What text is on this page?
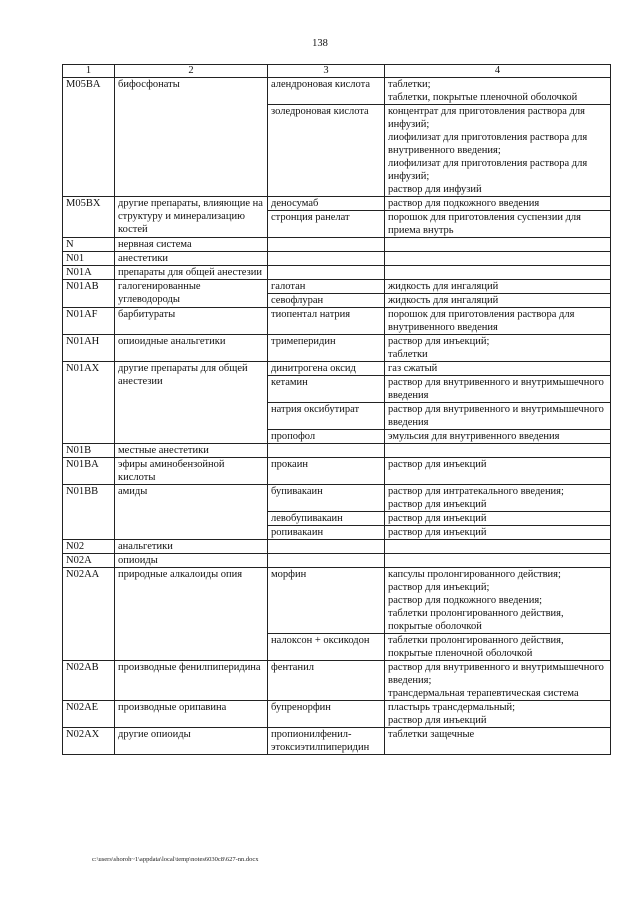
138
1	2	3	4
M05BA	бифосфонаты	алендроновая кислота	таблетки;
таблетки, покрытые пленочной оболочкой

		золедроновая кислота	концентрат для приготовления раствора для инфузий;
лиофилизат для приготовления раствора для внутривенного введения;
лиофилизат для приготовления раствора для инфузий;
раствор для инфузий

M05BX	другие препараты, влияющие на структуру и минерализацию костей	деносумаб	раствор для подкожного введения

		стронция ранелат	порошок для приготовления суспензии для приема внутрь

N	нервная система		
N01	анестетики		
N01A	препараты для общей анестезии		
N01AB	галогенированные углеводороды	галотан	жидкость для ингаляций

		севофлуран	жидкость для ингаляций

N01AF	барбитураты	тиопентал натрия	порошок для приготовления раствора для внутривенного введения

N01AH	опиоидные анальгетики	тримеперидин	раствор для инъекций;
таблетки

N01AX	другие препараты для общей анестезии	динитрогена оксид	газ сжатый

		кетамин	раствор для внутривенного и внутримышечного введения

		натрия оксибутират	раствор для внутривенного и внутримышечного введения

		пропофол	эмульсия для внутривенного введения

N01B	местные анестетики		
N01BA	эфиры аминобензойной кислоты	прокаин	раствор для инъекций

N01BB	амиды	бупивакаин	раствор для интратекального введения;
раствор для инъекций

		левобупивакаин	раствор для инъекций

		ропивакаин	раствор для инъекций

N02	анальгетики		
N02A	опиоиды		
N02AA	природные алкалоиды опия	морфин	капсулы пролонгированного действия;
раствор для инъекций;
раствор для подкожного введения;
таблетки пролонгированного действия, покрытые оболочкой

		налоксон + оксикодон	таблетки пролонгированного действия, покрытые пленочной оболочкой

N02AB	производные фенилпиперидина	фентанил	раствор для внутривенного и внутримышечного введения;
трансдермальная терапевтическая система

N02AE	производные орипавина	бупренорфин	пластырь трансдермальный;
раствор для инъекций

N02AX	другие опиоиды	пропионилфенил-этоксиэтилпиперидин	таблетки защечные
c:\users\shoroh~1\appdata\local\temp\notes6030c8\627-nn.docx
